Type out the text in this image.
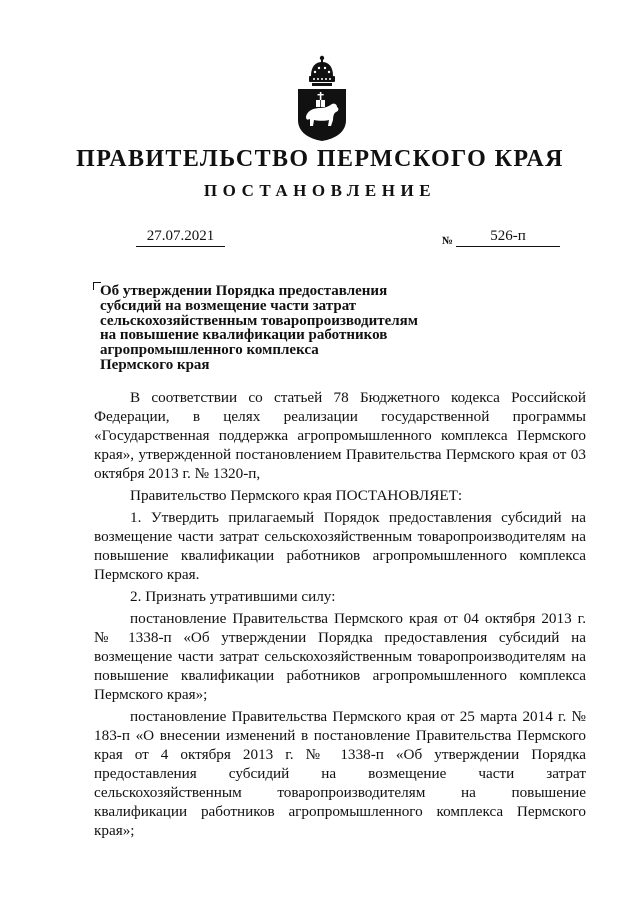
ПРАВИТЕЛЬСТВО ПЕРМСКОГО КРАЯ
ПОСТАНОВЛЕНИЕ
27.07.2021	№	526-п
Об утверждении Порядка предоставления
субсидий на возмещение части затрат
сельскохозяйственным товаропроизводителям
на повышение квалификации работников
агропромышленного комплекса
Пермского края

В соответствии со статьей 78 Бюджетного кодекса Российской Федерации, в целях реализации государственной программы «Государственная поддержка агропромышленного комплекса Пермского края», утвержденной постановлением Правительства Пермского края от 03 октября 2013 г. № 1320-п,

Правительство Пермского края ПОСТАНОВЛЯЕТ:

1. Утвердить прилагаемый Порядок предоставления субсидий на возмещение части затрат сельскохозяйственным товаропроизводителям на повышение квалификации работников агропромышленного комплекса Пермского края.

2. Признать утратившими силу:

постановление Правительства Пермского края от 04 октября 2013 г. № 1338-п «Об утверждении Порядка предоставления субсидий на возмещение части затрат сельскохозяйственным товаропроизводителям на повышение квалификации работников агропромышленного комплекса Пермского края»;

постановление Правительства Пермского края от 25 марта 2014 г. № 183-п «О внесении изменений в постановление Правительства Пермского края от 4 октября 2013 г. № 1338-п «Об утверждении Порядка предоставления субсидий на возмещение части затрат сельскохозяйственным товаропроизводителям на повышение квалификации работников агропромышленного комплекса Пермского края»;
